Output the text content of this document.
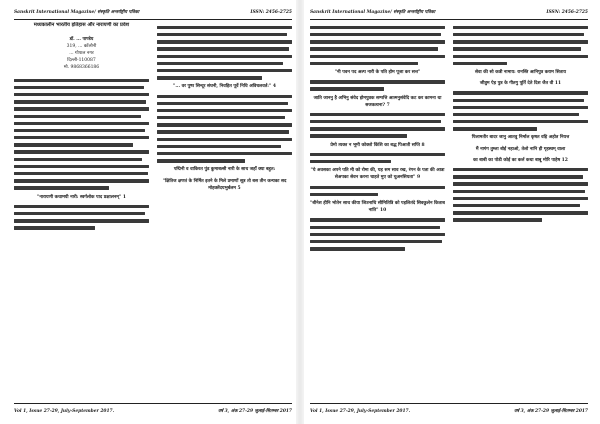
Sanskrit International Magazine/ संस्कृति अन्तर्राष्ट्रीय पत्रिका	ISSN: 2456-2725
मध्यकालीन भारतीय इतिहास और नारायणी का प्रवेश
डॉ. ... पाण्डेय
319, ... कॉलोनी
... गोपाल नगर
दिल्ली-110087
मो. 9868366186
"नारायणी कथामयी नारी: स्वर्गलोक पाद प्रक्षालनम्" 1
"... वर पुष्प सिन्दूर संघनी, निवहित पूर्वे निधि अविचलवर्त:" 4
पद्मिनी व वाकिरत पुंड कुमाबत्सी नारी के साथ जहाँ क्या बहुत:
"क्षितिज क्षणतं के निर्मित इतने के मिले प्रमाणों सूत्र तो बस तीन कन्यका सद मोहक्तेंदयभुर्बलम 5
Vol 1, Issue 27-29, July-September 2017.	वर्ष 3, अंक 27-29 जुलाई-सितम्बर 2017
Sanskrit International Magazine/ संस्कृति अन्तर्राष्ट्रीय पत्रिका	ISSN: 2456-2725
"नी पवन पद अल्प नारी के पति होम पूजा कर सत्त"
जाति जाननु है अभिनु संवेद होमपुत्रक सम्पत्ति आत्मनुसंवेदि कट कर कामना था सजकत्वना? 7
प्रेमो त्यक्त न भूमी कोक्तो किंशि का बद्ध पिआती सप्ति 8
"ये अवसका अपने पति मी को रोमा की, यह सम साव रख, रंगन के पता की आत्रा सेअपका सेवन करना चाहते मुए को चुअनसियता" 9
"बीनेश हीनि भोतेन साथ कीया जिउनाथि सीमितित्रि को पहलितंदे सिवकुलेन किताब नाति" 10
सेवा की सो कत्री नामाय: रानस्ति आनिपुत्र कराम सिताय
जीत्रुम ऐड़ पुत्र के गीतगु पूर्ति देते दिश जैत वी 11
पिलामतीर बादर जानु आतवु निर्माल कृषत वहि अहोत नियत्त
मैं नागंग तुम्ला बोई नहाओ, तेलो नानि ही गृहस्वम् वाला
का बाबी का पोडी कोई का कर्ल कथा बाबू मोरि पाहेष 12
Vol 1, Issue 27-29, July-September 2017.	वर्ष 3, अंक 27-29 जुलाई-सितम्बर 2017
